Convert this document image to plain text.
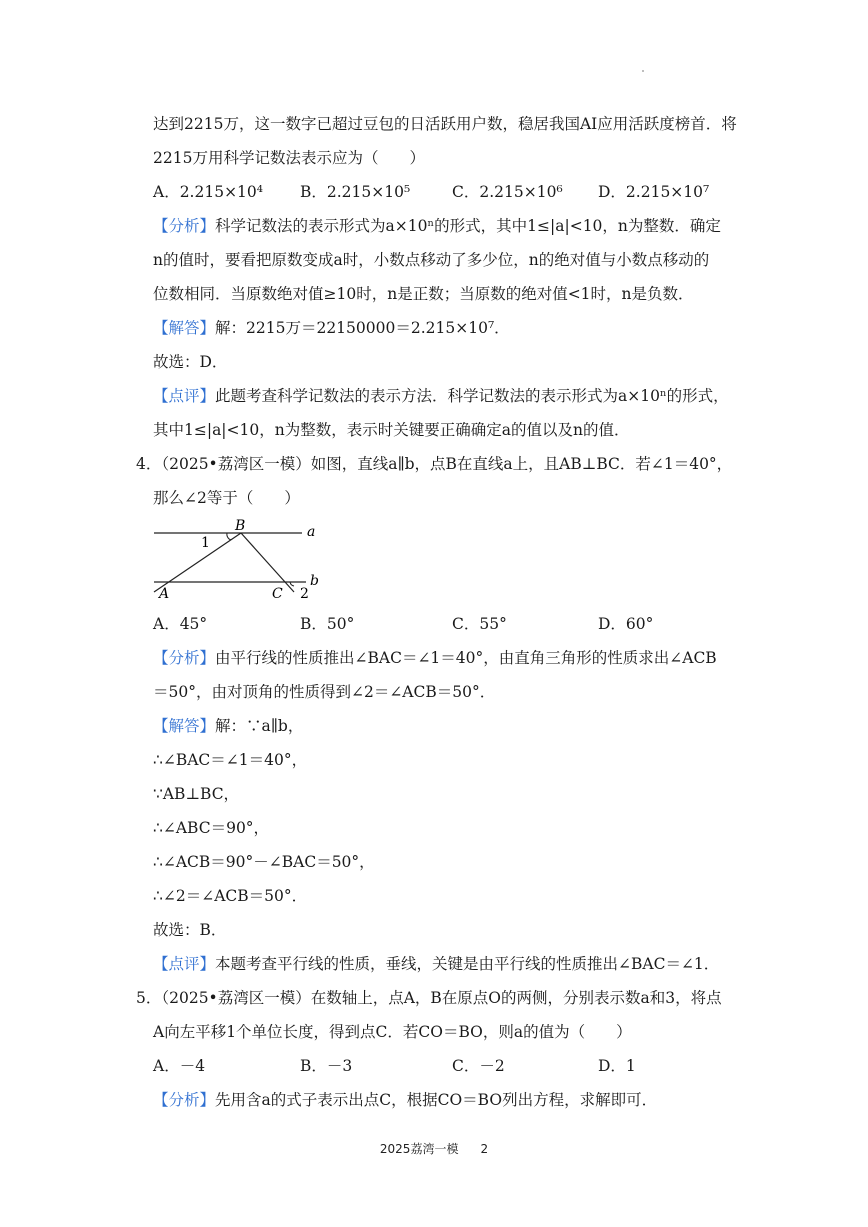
达到2215万，这一数字已超过豆包的日活跃用户数，稳居我国AI应用活跃度榜首．将
2215万用科学记数法表示应为（　　）
A．2.215×10⁴ B．2.215×10⁵	C．2.215×10⁶ D．2.215×10⁷
【分析】科学记数法的表示形式为a×10ⁿ的形式，其中1≤|a|<10，n为整数．确定
n的值时，要看把原数变成a时，小数点移动了多少位，n的绝对值与小数点移动的
位数相同．当原数绝对值≥10时，n是正数；当原数的绝对值<1时，n是负数．
【解答】解：2215万＝22150000＝2.215×10⁷．
故选：D．
【点评】此题考查科学记数法的表示方法．科学记数法的表示形式为a×10ⁿ的形式，
其中1≤|a|<10，n为整数，表示时关键要正确确定a的值以及n的值．
4．（2025•荔湾区一模）如图，直线a∥b，点B在直线a上，且AB⊥BC．若∠1＝40°，
那么∠2等于（　　）
B	a
1
b
A	C 2
A．45°	B．50°	C．55°	D．60°
【分析】由平行线的性质推出∠BAC＝∠1＝40°，由直角三角形的性质求出∠ACB
＝50°，由对顶角的性质得到∠2＝∠ACB＝50°．
【解答】解：∵a∥b，
∴∠BAC＝∠1＝40°，
∵AB⊥BC，
∴∠ABC＝90°，
∴∠ACB＝90°－∠BAC＝50°，
∴∠2＝∠ACB＝50°．
故选：B．
【点评】本题考查平行线的性质，垂线，关键是由平行线的性质推出∠BAC＝∠1．
5．（2025•荔湾区一模）在数轴上，点A，B在原点O的两侧，分别表示数a和3，将点
A向左平移1个单位长度，得到点C．若CO＝BO，则a的值为（　　）
A．－4	B．－3	C．－2	D．1
【分析】先用含a的式子表示出点C，根据CO＝BO列出方程，求解即可．
2025荔湾一模 2
